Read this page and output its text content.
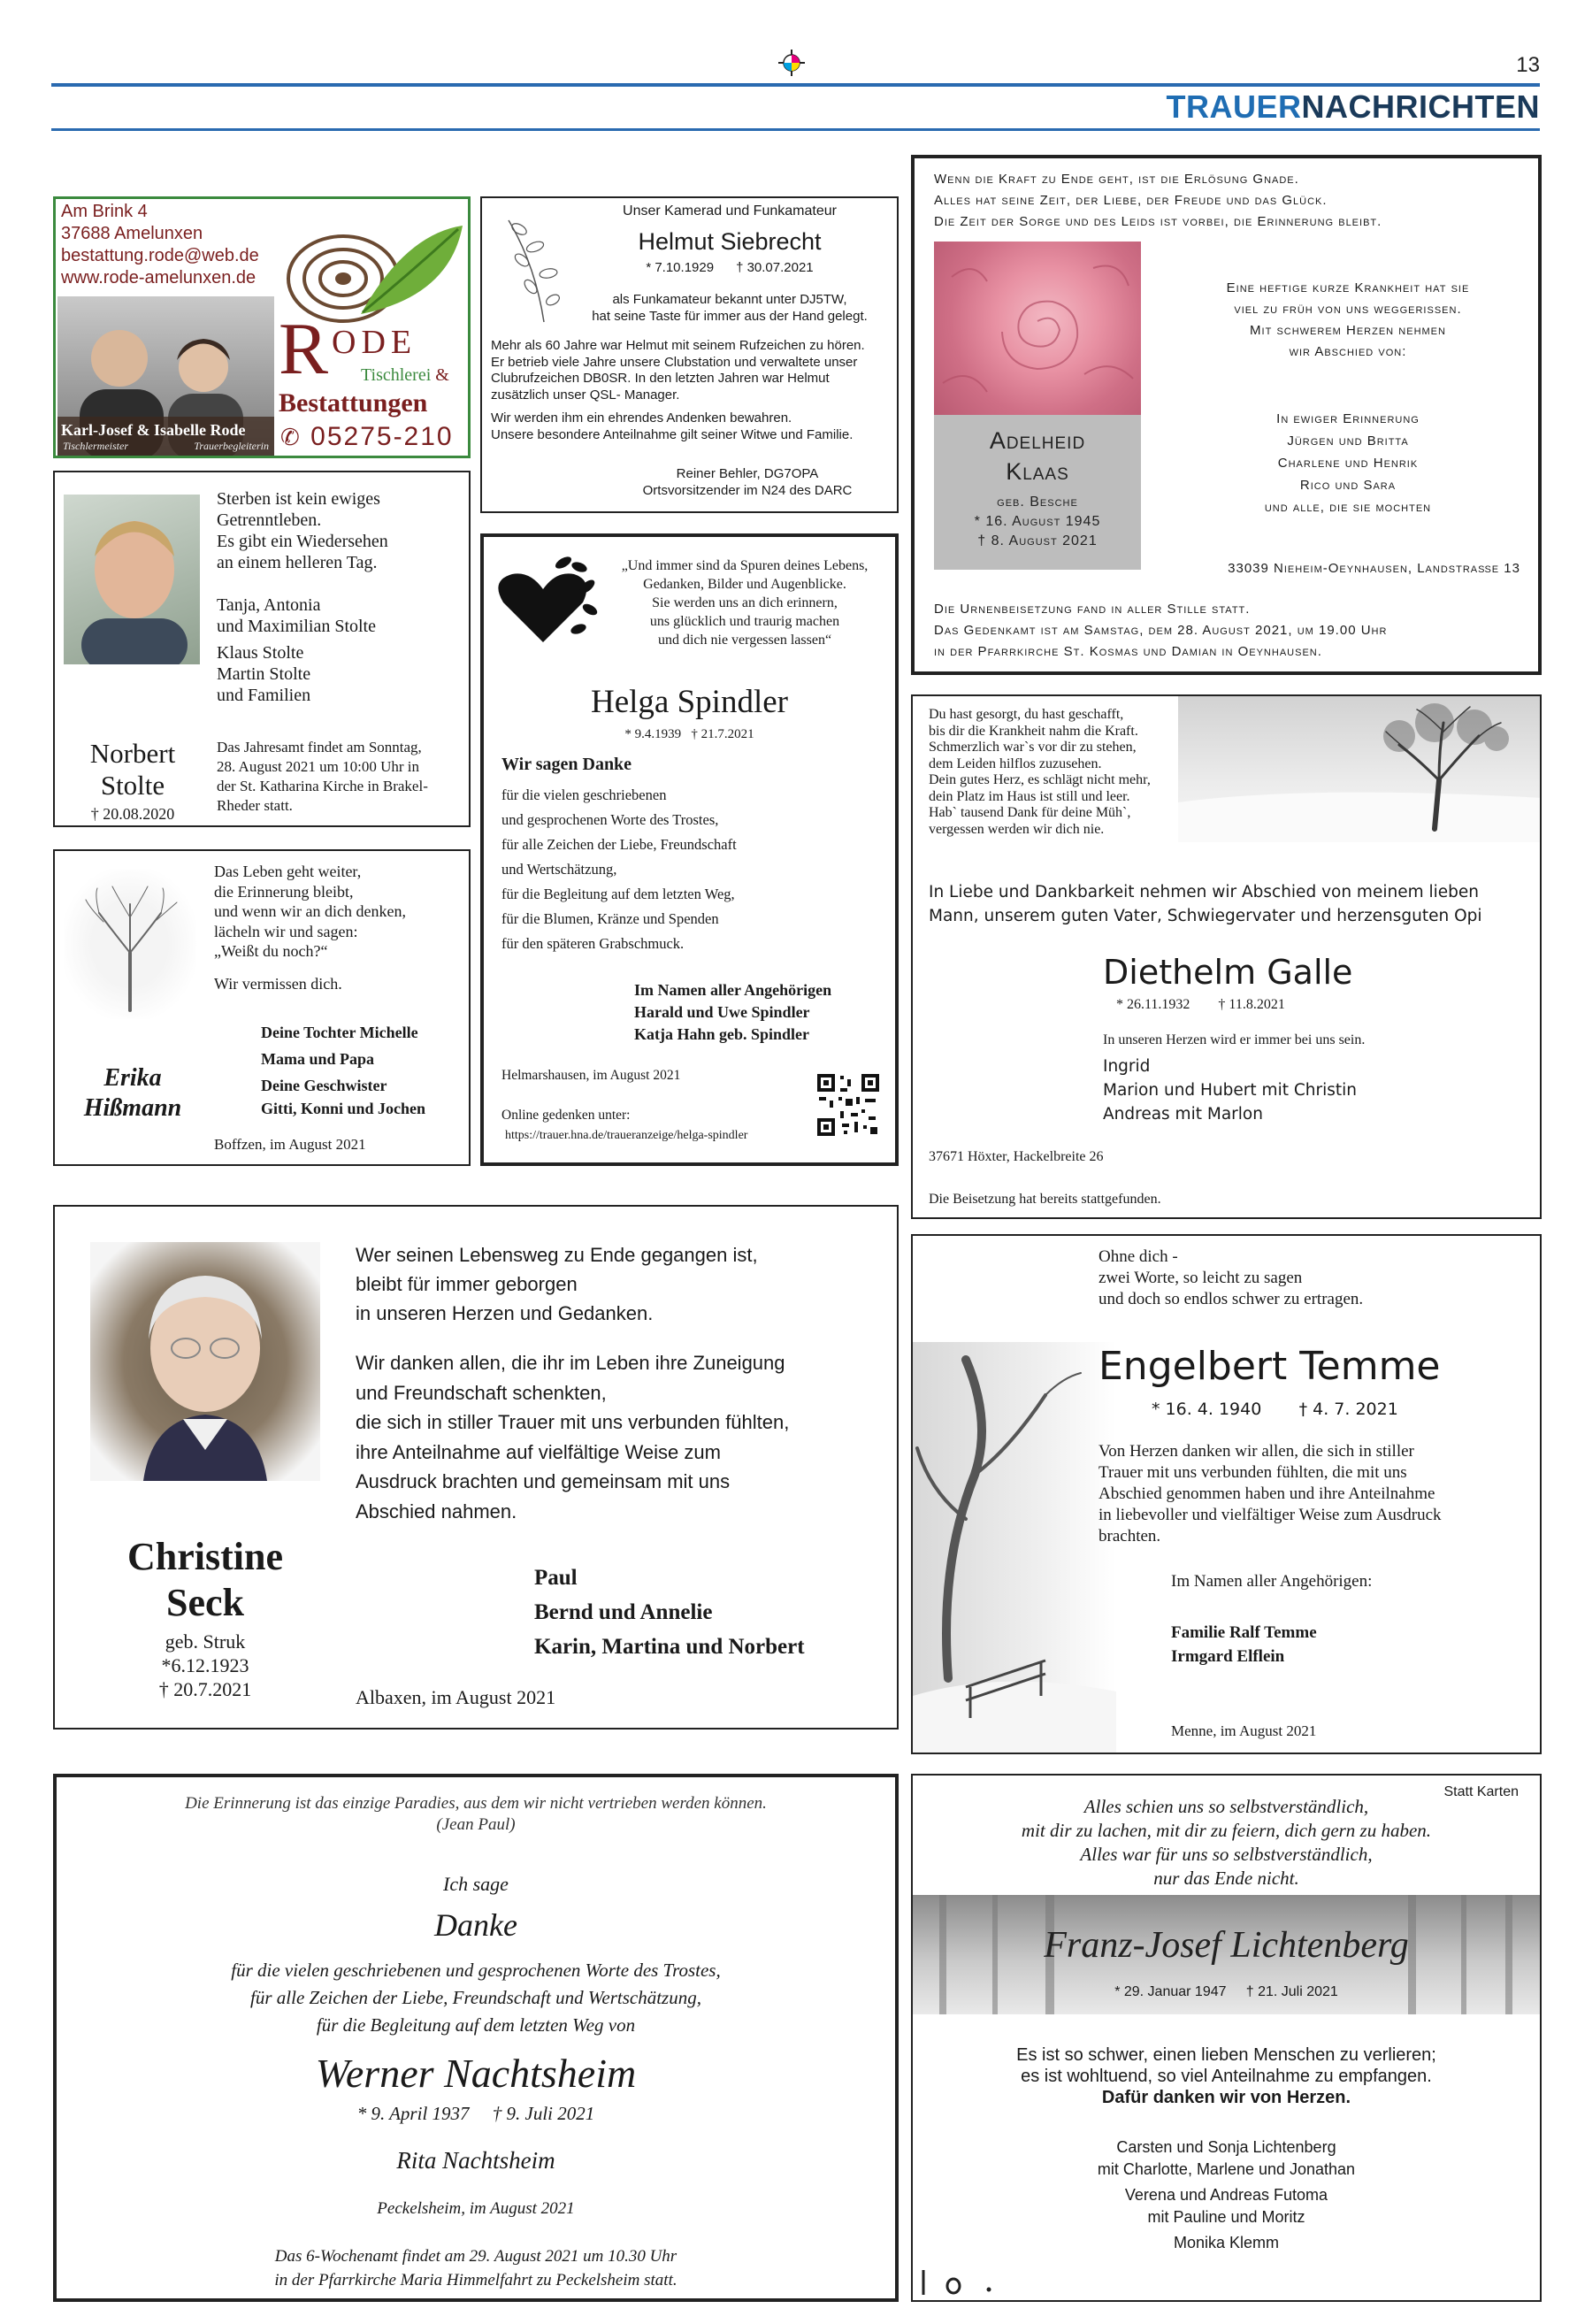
13
TRAUERNACHRICHTEN
Am Brink 4
37688 Amelunxen
bestattung.rode@web.de
www.rode-amelunxen.de
Karl-Josef & Isabelle Rode
Tischlermeister	Trauerbegleiterin
R ODE
Tischlerei &
Bestattungen
✆ 05275-210
Unser Kamerad und Funkamateur
Helmut Siebrecht
* 7.10.1929      † 30.07.2021
als Funkamateur bekannt unter DJ5TW,
hat seine Taste für immer aus der Hand gelegt.
Mehr als 60 Jahre war Helmut mit seinem Rufzeichen zu hören.
Er betrieb viele Jahre unsere Clubstation und verwaltete unser
Clubrufzeichen DB0SR. In den letzten Jahren war Helmut
zusätzlich unser QSL- Manager.
Wir werden ihm ein ehrendes Andenken bewahren.
Unsere besondere Anteilnahme gilt seiner Witwe und Familie.
Reiner Behler, DG7OPA
Ortsvorsitzender im N24 des DARC
Wenn die Kraft zu Ende geht, ist die Erlösung Gnade.
Alles hat seine Zeit, der Liebe, der Freude und das Glück.
Die Zeit der Sorge und des Leids ist vorbei, die Erinnerung bleibt.
Adelheid
Klaas
geb. Besche
* 16. August 1945
† 8. August 2021
Eine heftige kurze Krankheit hat sie
viel zu früh von uns weggerissen.
Mit schwerem Herzen nehmen
wir Abschied von:
In ewiger Erinnerung
Jürgen und Britta
Charlene und Henrik
Rico und Sara
und alle, die sie mochten
33039 Nieheim-Oeynhausen, Landstraße 13
Die Urnenbeisetzung fand in aller Stille statt.
Das Gedenkamt ist am Samstag, dem 28. August 2021, um 19.00 Uhr
in der Pfarrkirche St. Kosmas und Damian in Oeynhausen.
Sterben ist kein ewiges
Getrenntleben.
Es gibt ein Wiedersehen
an einem helleren Tag.
Tanja, Antonia
und Maximilian Stolte
Klaus Stolte
Martin Stolte
und Familien
Norbert
Stolte
† 20.08.2020
Das Jahresamt findet am Sonntag,
28. August 2021 um 10:00 Uhr in
der St. Katharina Kirche in Brakel-
Rheder statt.
„Und immer sind da Spuren deines Lebens,
Gedanken, Bilder und Augenblicke.
Sie werden uns an dich erinnern,
uns glücklich und traurig machen
und dich nie vergessen lassen“
Helga Spindler
* 9.4.1939   † 21.7.2021
Wir sagen Danke
für die vielen geschriebenen
und gesprochenen Worte des Trostes,
für alle Zeichen der Liebe, Freundschaft
und Wertschätzung,
für die Begleitung auf dem letzten Weg,
für die Blumen, Kränze und Spenden
für den späteren Grabschmuck.
Im Namen aller Angehörigen
Harald und Uwe Spindler
Katja Hahn geb. Spindler
Helmarshausen, im August 2021
Online gedenken unter:
https://trauer.hna.de/traueranzeige/helga-spindler
Du hast gesorgt, du hast geschafft,
bis dir die Krankheit nahm die Kraft.
Schmerzlich war`s vor dir zu stehen,
dem Leiden hilflos zuzusehen.
Dein gutes Herz, es schlägt nicht mehr,
dein Platz im Haus ist still und leer.
Hab` tausend Dank für deine Müh`,
vergessen werden wir dich nie.
In Liebe und Dankbarkeit nehmen wir Abschied von meinem lieben
Mann, unserem guten Vater, Schwiegervater und herzensguten Opi
Diethelm Galle
* 26.11.1932        † 11.8.2021
In unseren Herzen wird er immer bei uns sein.
Ingrid
Marion und Hubert mit Christin
Andreas mit Marlon
37671 Höxter, Hackelbreite 26
Die Beisetzung hat bereits stattgefunden.
Das Leben geht weiter,
die Erinnerung bleibt,
und wenn wir an dich denken,
lächeln wir und sagen:
„Weißt du noch?“
Wir vermissen dich.
Deine Tochter Michelle
Mama und Papa
Deine Geschwister
Gitti, Konni und Jochen
Erika
Hißmann
Boffzen, im August 2021
Christine
Seck
geb. Struk
*6.12.1923
† 20.7.2021
Wer seinen Lebensweg zu Ende gegangen ist,
bleibt für immer geborgen
in unseren Herzen und Gedanken.
Wir danken allen, die ihr im Leben ihre Zuneigung
und Freundschaft schenkten,
die sich in stiller Trauer mit uns verbunden fühlten,
ihre Anteilnahme auf vielfältige Weise zum
Ausdruck brachten und gemeinsam mit uns
Abschied nahmen.
Paul
Bernd und Annelie
Karin, Martina und Norbert
Albaxen, im August 2021
Ohne dich -
zwei Worte, so leicht zu sagen
und doch so endlos schwer zu ertragen.
Engelbert Temme
* 16. 4. 1940       † 4. 7. 2021
Von Herzen danken wir allen, die sich in stiller
Trauer mit uns verbunden fühlten, die mit uns
Abschied genommen haben und ihre Anteilnahme
in liebevoller und vielfältiger Weise zum Ausdruck
brachten.
Im Namen aller Angehörigen:
Familie Ralf Temme
Irmgard Elflein
Menne, im August 2021
Die Erinnerung ist das einzige Paradies, aus dem wir nicht vertrieben werden können.
(Jean Paul)
Ich sage
Danke
für die vielen geschriebenen und gesprochenen Worte des Trostes,
für alle Zeichen der Liebe, Freundschaft und Wertschätzung,
für die Begleitung auf dem letzten Weg von
Werner Nachtsheim
* 9. April 1937     † 9. Juli 2021
Rita Nachtsheim
Peckelsheim, im August 2021
Das 6-Wochenamt findet am 29. August 2021 um 10.30 Uhr
in der Pfarrkirche Maria Himmelfahrt zu Peckelsheim statt.
Statt Karten
Alles schien uns so selbstverständlich,
mit dir zu lachen, mit dir zu feiern, dich gern zu haben.
Alles war für uns so selbstverständlich,
nur das Ende nicht.
Franz-Josef Lichtenberg
* 29. Januar 1947     † 21. Juli 2021
Es ist so schwer, einen lieben Menschen zu verlieren;
es ist wohltuend, so viel Anteilnahme zu empfangen.
Dafür danken wir von Herzen.
Carsten und Sonja Lichtenberg
mit Charlotte, Marlene und Jonathan
Verena und Andreas Futoma
mit Pauline und Moritz
Monika Klemm
